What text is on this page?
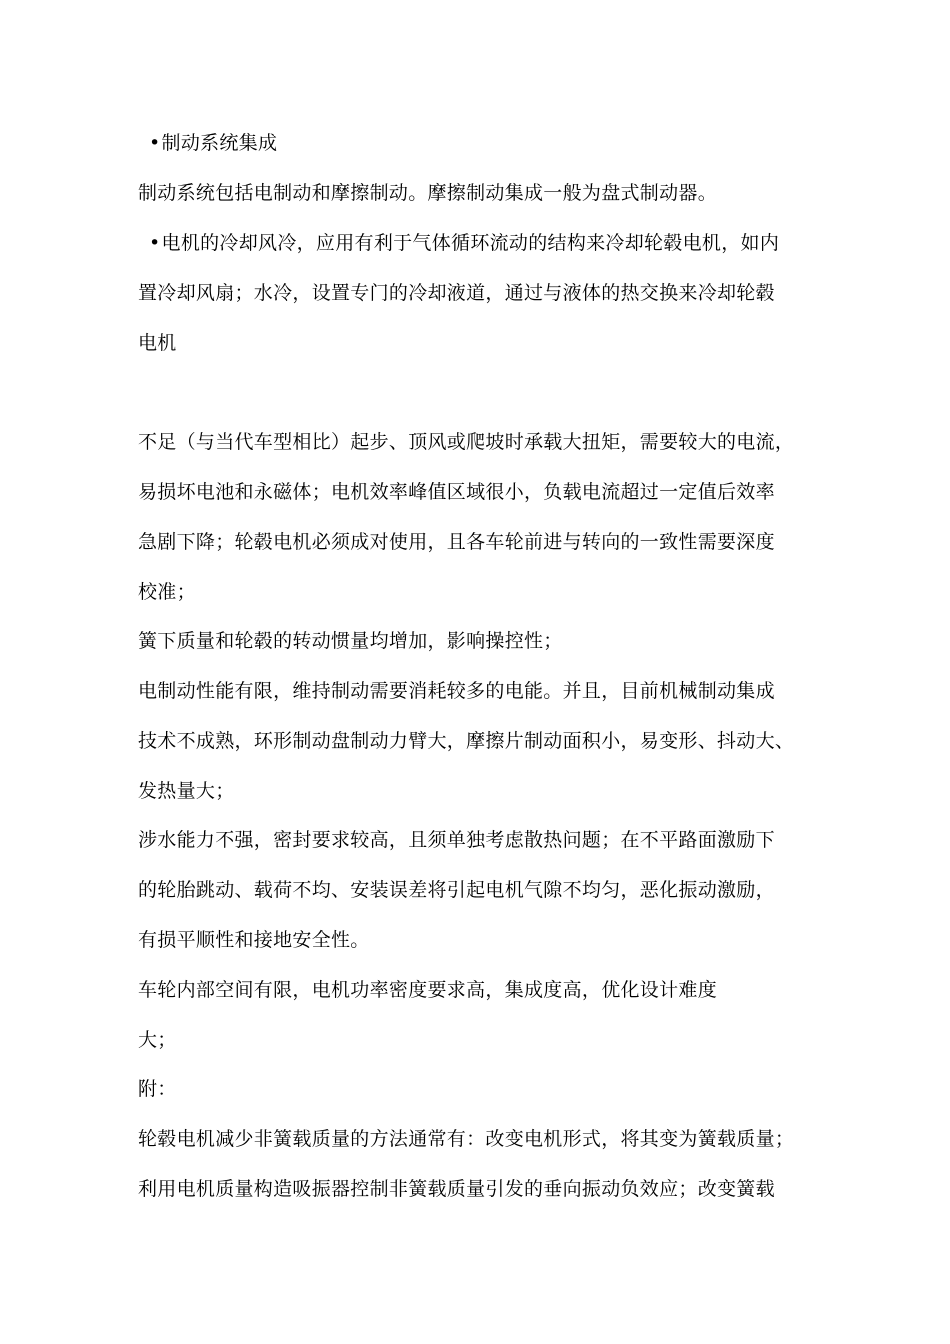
•制动系统集成
制动系统包括电制动和摩擦制动。摩擦制动集成一般为盘式制动器。
•电机的冷却风冷，应用有利于气体循环流动的结构来冷却轮毂电机，如内
置冷却风扇；水冷，设置专门的冷却液道，通过与液体的热交换来冷却轮毂
电机
不足（与当代车型相比）起步、顶风或爬坡时承载大扭矩，需要较大的电流，
易损坏电池和永磁体；电机效率峰值区域很小，负载电流超过一定值后效率
急剧下降；轮毂电机必须成对使用，且各车轮前进与转向的一致性需要深度
校准；
簧下质量和轮毂的转动惯量均增加，影响操控性；
电制动性能有限，维持制动需要消耗较多的电能。并且，目前机械制动集成
技术不成熟，环形制动盘制动力臂大，摩擦片制动面积小，易变形、抖动大、
发热量大；
涉水能力不强，密封要求较高，且须单独考虑散热问题；在不平路面激励下
的轮胎跳动、载荷不均、安装误差将引起电机气隙不均匀，恶化振动激励，
有损平顺性和接地安全性。
车轮内部空间有限，电机功率密度要求高，集成度高，优化设计难度
大；
附：
轮毂电机减少非簧载质量的方法通常有：改变电机形式，将其变为簧载质量；
利用电机质量构造吸振器控制非簧载质量引发的垂向振动负效应；改变簧载
